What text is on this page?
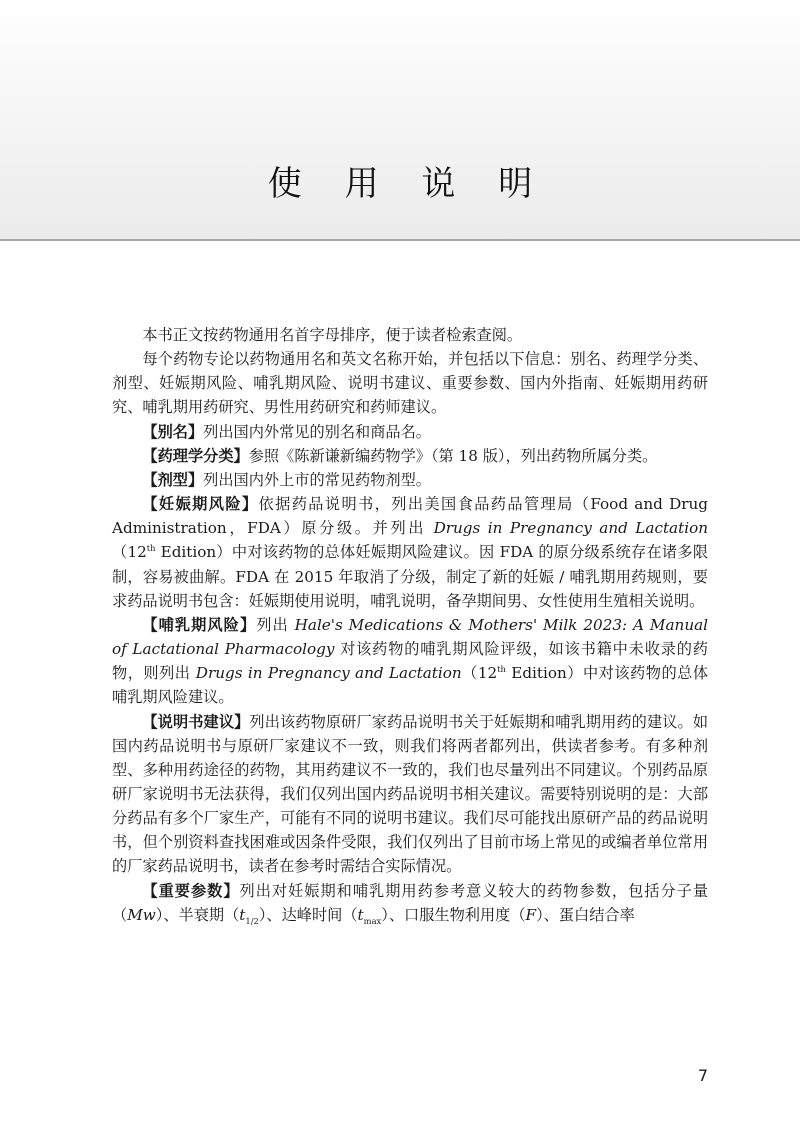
使 用 说 明

本书正文按药物通用名首字母排序，便于读者检索查阅。

每个药物专论以药物通用名和英文名称开始，并包括以下信息：别名、药理学分类、剂型、妊娠期风险、哺乳期风险、说明书建议、重要参数、国内外指南、妊娠期用药研究、哺乳期用药研究、男性用药研究和药师建议。

【别名】列出国内外常见的别名和商品名。

【药理学分类】参照《陈新谦新编药物学》（第 18 版），列出药物所属分类。

【剂型】列出国内外上市的常见药物剂型。

【妊娠期风险】依据药品说明书，列出美国食品药品管理局（Food and Drug Administration，FDA）原分级。并列出 Drugs in Pregnancy and Lactation（12th Edition）中对该药物的总体妊娠期风险建议。因 FDA 的原分级系统存在诸多限制，容易被曲解。FDA 在 2015 年取消了分级，制定了新的妊娠 / 哺乳期用药规则，要求药品说明书包含：妊娠期使用说明，哺乳说明，备孕期间男、女性使用生殖相关说明。

【哺乳期风险】列出 Hale's Medications & Mothers' Milk 2023: A Manual of Lactational Pharmacology 对该药物的哺乳期风险评级，如该书籍中未收录的药物，则列出 Drugs in Pregnancy and Lactation（12th Edition）中对该药物的总体哺乳期风险建议。

【说明书建议】列出该药物原研厂家药品说明书关于妊娠期和哺乳期用药的建议。如国内药品说明书与原研厂家建议不一致，则我们将两者都列出，供读者参考。有多种剂型、多种用药途径的药物，其用药建议不一致的，我们也尽量列出不同建议。个别药品原研厂家说明书无法获得，我们仅列出国内药品说明书相关建议。需要特别说明的是：大部分药品有多个厂家生产，可能有不同的说明书建议。我们尽可能找出原研产品的药品说明书，但个别资料查找困难或因条件受限，我们仅列出了目前市场上常见的或编者单位常用的厂家药品说明书，读者在参考时需结合实际情况。

【重要参数】列出对妊娠期和哺乳期用药参考意义较大的药物参数，包括分子量（Mw）、半衰期$(t_{1/2})$、达峰时间$(t_{max})$、口服生物利用度（F）、蛋白结合率

7
